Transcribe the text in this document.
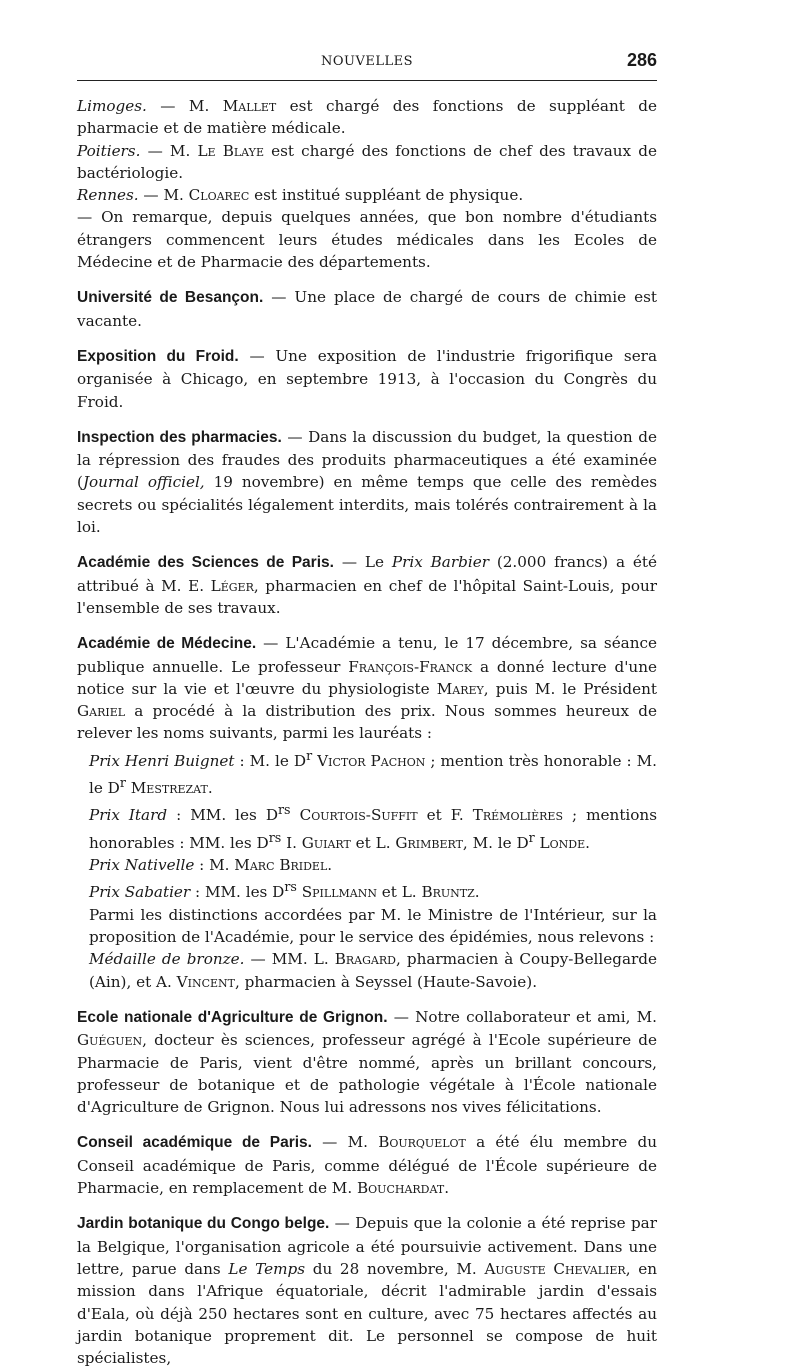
NOUVELLES	286

Limoges. — M. Mallet est chargé des fonctions de suppléant de pharmacie et de matière médicale.

Poitiers. — M. Le Blaye est chargé des fonctions de chef des travaux de bactériologie.

Rennes. — M. Cloarec est institué suppléant de physique.

— On remarque, depuis quelques années, que bon nombre d'étudiants étrangers commencent leurs études médicales dans les Ecoles de Médecine et de Pharmacie des départements.

Université de Besançon. — Une place de chargé de cours de chimie est vacante.

Exposition du Froid. — Une exposition de l'industrie frigorifique sera organisée à Chicago, en septembre 1913, à l'occasion du Congrès du Froid.

Inspection des pharmacies. — Dans la discussion du budget, la question de la répression des fraudes des produits pharmaceutiques a été examinée (Journal officiel, 19 novembre) en même temps que celle des remèdes secrets ou spécialités légalement interdits, mais tolérés contrairement à la loi.

Académie des Sciences de Paris. — Le Prix Barbier (2.000 francs) a été attribué à M. E. Léger, pharmacien en chef de l'hôpital Saint-Louis, pour l'ensemble de ses travaux.

Académie de Médecine. — L'Académie a tenu, le 17 décembre, sa séance publique annuelle. Le professeur François-Franck a donné lecture d'une notice sur la vie et l'œuvre du physiologiste Marey, puis M. le Président Gariel a procédé à la distribution des prix. Nous sommes heureux de relever les noms suivants, parmi les lauréats :

Prix Henri Buignet : M. le $D^r$ Victor Pachon ; mention très honorable : M. le $D^r$ Mestrezat.

Prix Itard : MM. les $D^{rs}$ Courtois-Suffit et F. Trémolières ; mentions honorables : MM. les $D^{rs}$ I. Guiart et L. Grimbert, M. le $D^r$ Londe.

Prix Nativelle : M. Marc Bridel.

Prix Sabatier : MM. les $D^{rs}$ Spillmann et L. Bruntz.

Parmi les distinctions accordées par M. le Ministre de l'Intérieur, sur la proposition de l'Académie, pour le service des épidémies, nous relevons :

Médaille de bronze. — MM. L. Bragard, pharmacien à Coupy-Bellegarde (Ain), et A. Vincent, pharmacien à Seyssel (Haute-Savoie).

Ecole nationale d'Agriculture de Grignon. — Notre collaborateur et ami, M. Guéguen, docteur ès sciences, professeur agrégé à l'Ecole supérieure de Pharmacie de Paris, vient d'être nommé, après un brillant concours, professeur de botanique et de pathologie végétale à l'École nationale d'Agriculture de Grignon. Nous lui adressons nos vives félicitations.

Conseil académique de Paris. — M. Bourquelot a été élu membre du Conseil académique de Paris, comme délégué de l'École supérieure de Pharmacie, en remplacement de M. Bouchardat.

Jardin botanique du Congo belge. — Depuis que la colonie a été reprise par la Belgique, l'organisation agricole a été poursuivie activement. Dans une lettre, parue dans Le Temps du 28 novembre, M. Auguste Chevalier, en mission dans l'Afrique équatoriale, décrit l'admirable jardin d'essais d'Eala, où déjà 250 hectares sont en culture, avec 75 hectares affectés au jardin botanique proprement dit. Le personnel se compose de huit spécialistes,
